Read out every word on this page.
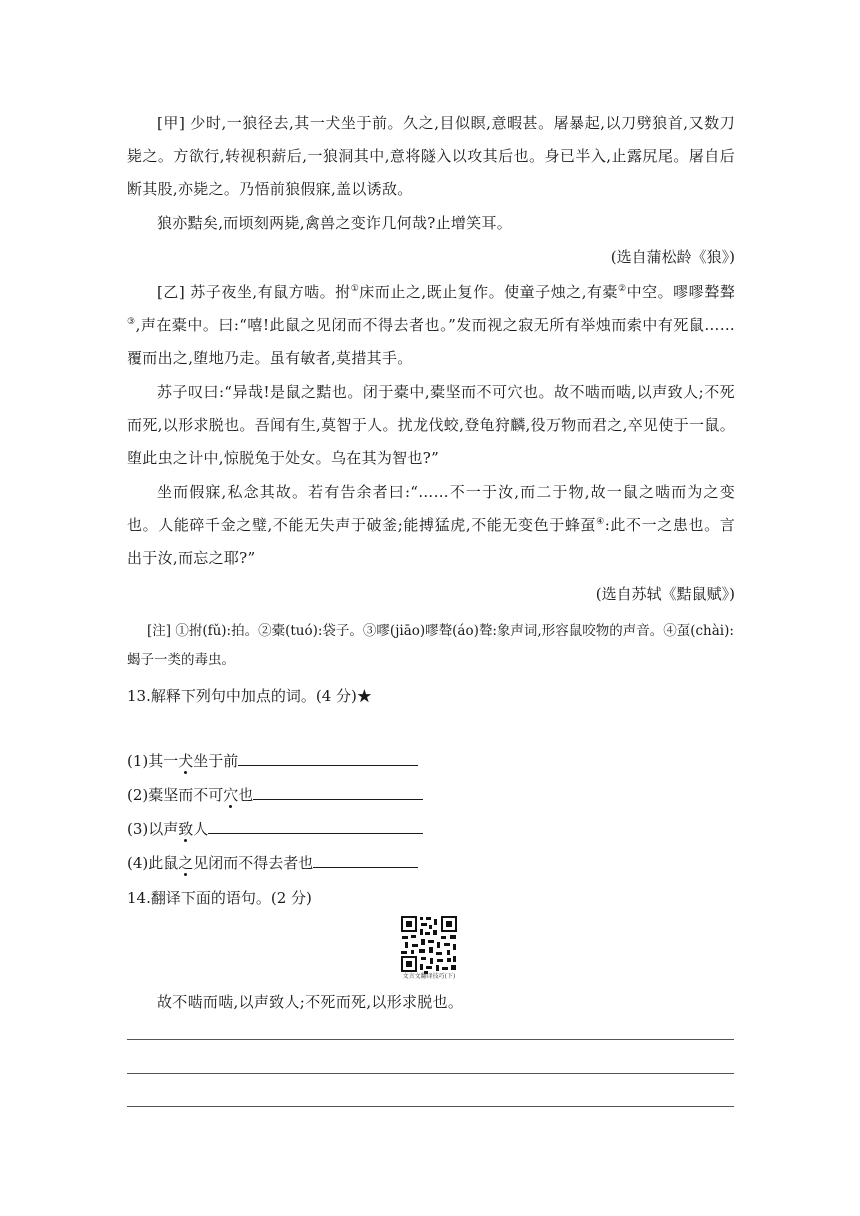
[甲] 少时,一狼径去,其一犬坐于前。久之,目似瞑,意暇甚。屠暴起,以刀劈狼首,又数刀毙之。方欲行,转视积薪后,一狼洞其中,意将隧入以攻其后也。身已半入,止露尻尾。屠自后断其股,亦毙之。乃悟前狼假寐,盖以诱敌。

狼亦黠矣,而顷刻两毙,禽兽之变诈几何哉?止增笑耳。

(选自蒲松龄《狼》)

[乙] 苏子夜坐,有鼠方啮。拊①床而止之,既止复作。使童子烛之,有橐②中空。嘐嘐聱聱③,声在橐中。曰:“嘻!此鼠之见闭而不得去者也。”发而视之寂无所有举烛而索中有死鼠……覆而出之,堕地乃走。虽有敏者,莫措其手。

苏子叹曰:“异哉!是鼠之黠也。闭于橐中,橐坚而不可穴也。故不啮而啮,以声致人;不死而死,以形求脱也。吾闻有生,莫智于人。扰龙伐蛟,登龟狩麟,役万物而君之,卒见使于一鼠。堕此虫之计中,惊脱兔于处女。乌在其为智也?”

坐而假寐,私念其故。若有告余者曰:“……不一于汝,而二于物,故一鼠之啮而为之变也。人能碎千金之璧,不能无失声于破釜;能搏猛虎,不能无变色于蜂虿④:此不一之患也。言出于汝,而忘之耶?”

(选自苏轼《黠鼠赋》)

[注] ①拊(fǔ):拍。②橐(tuó):袋子。③嘐(jiāo)嘐聱(áo)聱:象声词,形容鼠咬物的声音。④虿(chài):蝎子一类的毒虫。

13.解释下列句中加点的词。(4 分)★

(1)其一犬坐于前
(2)橐坚而不可穴也
(3)以声致人
(4)此鼠之见闭而不得去者也

14.翻译下面的语句。(2 分)

文言文翻译技巧(下)

故不啮而啮,以声致人;不死而死,以形求脱也。
